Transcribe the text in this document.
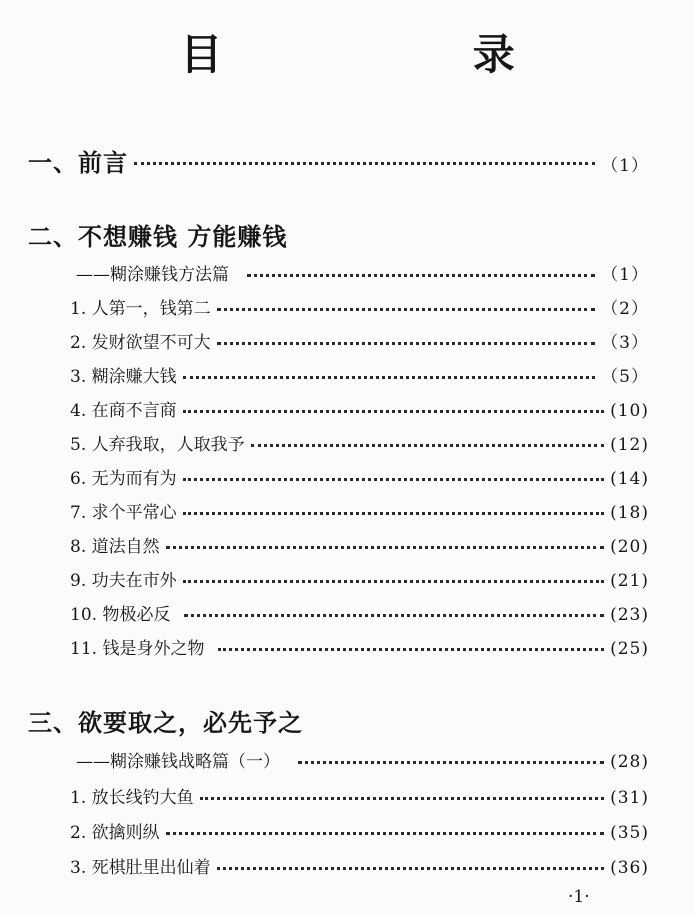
目 录
一、前言	（1）
二、不想赚钱 方能赚钱
——糊涂赚钱方法篇	（1）
1. 人第一，钱第二	（2）
2. 发财欲望不可大	（3）
3. 糊涂赚大钱	（5）
4. 在商不言商	(10)
5. 人弃我取，人取我予	(12)
6. 无为而有为	(14)
7. 求个平常心	(18)
8. 道法自然	(20)
9. 功夫在市外	(21)
10. 物极必反	(23)
11. 钱是身外之物	(25)
三、欲要取之，必先予之
——糊涂赚钱战略篇（一）	(28)
1. 放长线钓大鱼	(31)
2. 欲擒则纵	(35)
3. 死棋肚里出仙着	(36)
·1·
